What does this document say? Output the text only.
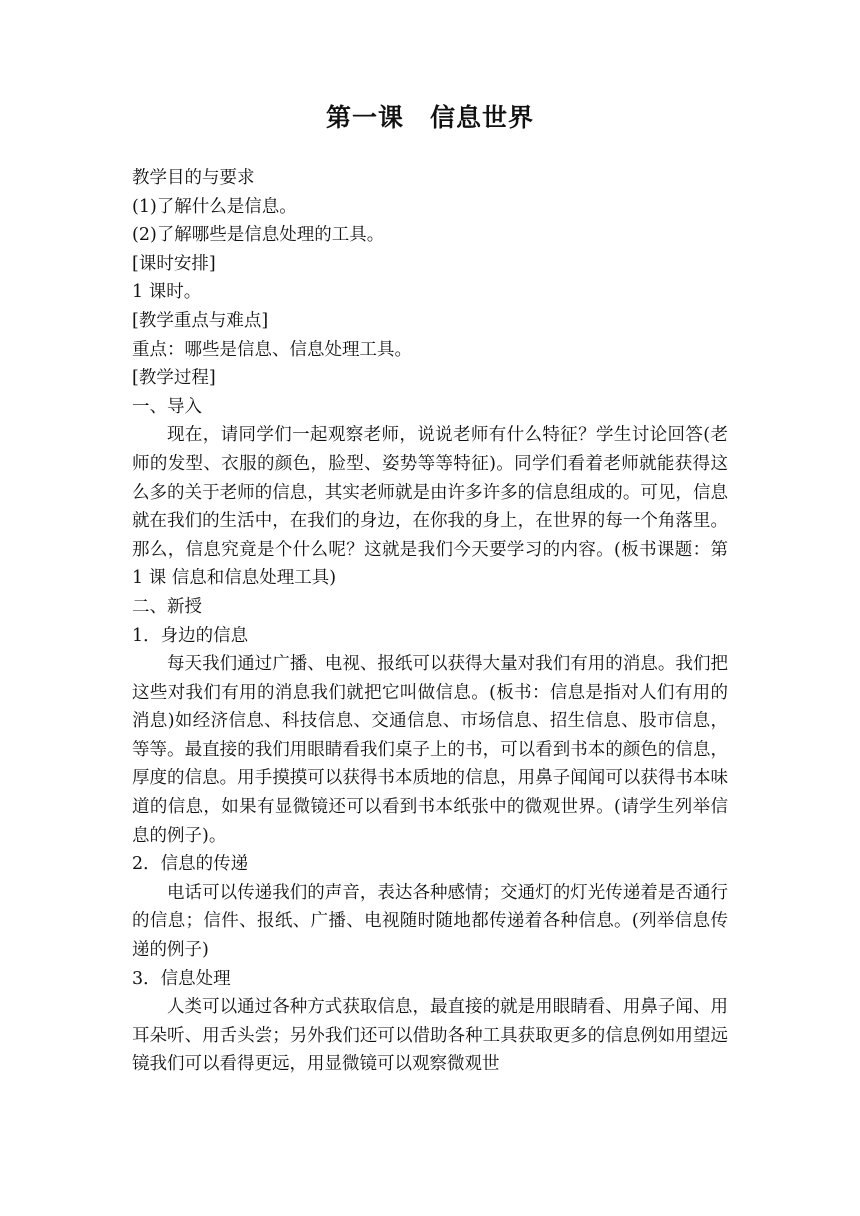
第一课　信息世界

教学目的与要求

(1)了解什么是信息。

(2)了解哪些是信息处理的工具。

[课时安排]

1 课时。

[教学重点与难点]

重点：哪些是信息、信息处理工具。

[教学过程]

一、导入

现在，请同学们一起观察老师，说说老师有什么特征？学生讨论回答(老师的发型、衣服的颜色，脸型、姿势等等特征)。同学们看着老师就能获得这么多的关于老师的信息，其实老师就是由许多许多的信息组成的。可见，信息就在我们的生活中，在我们的身边，在你我的身上，在世界的每一个角落里。那么，信息究竟是个什么呢？这就是我们今天要学习的内容。(板书课题：第 1 课 信息和信息处理工具)

二、新授

1．身边的信息

每天我们通过广播、电视、报纸可以获得大量对我们有用的消息。我们把这些对我们有用的消息我们就把它叫做信息。(板书：信息是指对人们有用的消息)如经济信息、科技信息、交通信息、市场信息、招生信息、股市信息，等等。最直接的我们用眼睛看我们桌子上的书，可以看到书本的颜色的信息，厚度的信息。用手摸摸可以获得书本质地的信息，用鼻子闻闻可以获得书本味道的信息，如果有显微镜还可以看到书本纸张中的微观世界。(请学生列举信息的例子)。

2．信息的传递

电话可以传递我们的声音，表达各种感情；交通灯的灯光传递着是否通行的信息；信件、报纸、广播、电视随时随地都传递着各种信息。(列举信息传递的例子)

3．信息处理

人类可以通过各种方式获取信息，最直接的就是用眼睛看、用鼻子闻、用耳朵听、用舌头尝；另外我们还可以借助各种工具获取更多的信息例如用望远镜我们可以看得更远，用显微镜可以观察微观世
